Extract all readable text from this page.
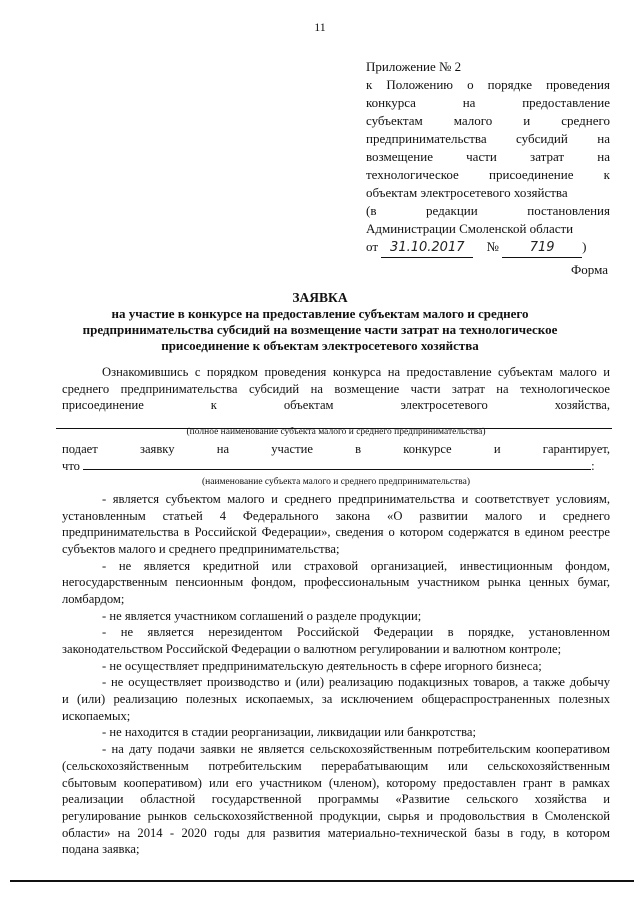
11
Приложение № 2
к Положению о порядке проведения
конкурса на предоставление
субъектам малого и среднего
предпринимательства субсидий на
возмещение части затрат на
технологическое присоединение к
объектам электросетевого хозяйства
(в редакции постановления
Администрации Смоленской области
от 31.10.2017 № 719 )
Форма
ЗАЯВКА
на участие в конкурсе на предоставление субъектам малого и среднего
предпринимательства субсидий на возмещение части затрат на технологическое
присоединение к объектам электросетевого хозяйства
Ознакомившись с порядком проведения конкурса на предоставление субъектам малого и
среднего предпринимательства субсидий на возмещение части затрат на технологическое
присоединение к объектам электросетевого хозяйства,
(полное наименование субъекта малого и среднего предпринимательства)
подает заявку на участие в конкурсе и гарантирует,
что	:
(наименование субъекта малого и среднего предпринимательства)
- является субъектом малого и среднего предпринимательства и соответствует условиям,
установленным статьей 4 Федерального закона «О развитии малого и среднего
предпринимательства в Российской Федерации», сведения о котором содержатся в едином реестре
субъектов малого и среднего предпринимательства;
- не является кредитной или страховой организацией, инвестиционным фондом,
негосударственным пенсионным фондом, профессиональным участником рынка ценных бумаг,
ломбардом;
- не является участником соглашений о разделе продукции;
- не является нерезидентом Российской Федерации в порядке, установленном
законодательством Российской Федерации о валютном регулировании и валютном контроле;
- не осуществляет предпринимательскую деятельность в сфере игорного бизнеса;
- не осуществляет производство и (или) реализацию подакцизных товаров, а также добычу
и (или) реализацию полезных ископаемых, за исключением общераспространенных полезных
ископаемых;
- не находится в стадии реорганизации, ликвидации или банкротства;
- на дату подачи заявки не является сельскохозяйственным потребительским кооперативом
(сельскохозяйственным потребительским перерабатывающим или сельскохозяйственным
сбытовым кооперативом) или его участником (членом), которому предоставлен грант в рамках
реализации областной государственной программы «Развитие сельского хозяйства и
регулирование рынков сельскохозяйственной продукции, сырья и продовольствия в Смоленской
области» на 2014 - 2020 годы для развития материально-технической базы в году, в котором
подана заявка;
